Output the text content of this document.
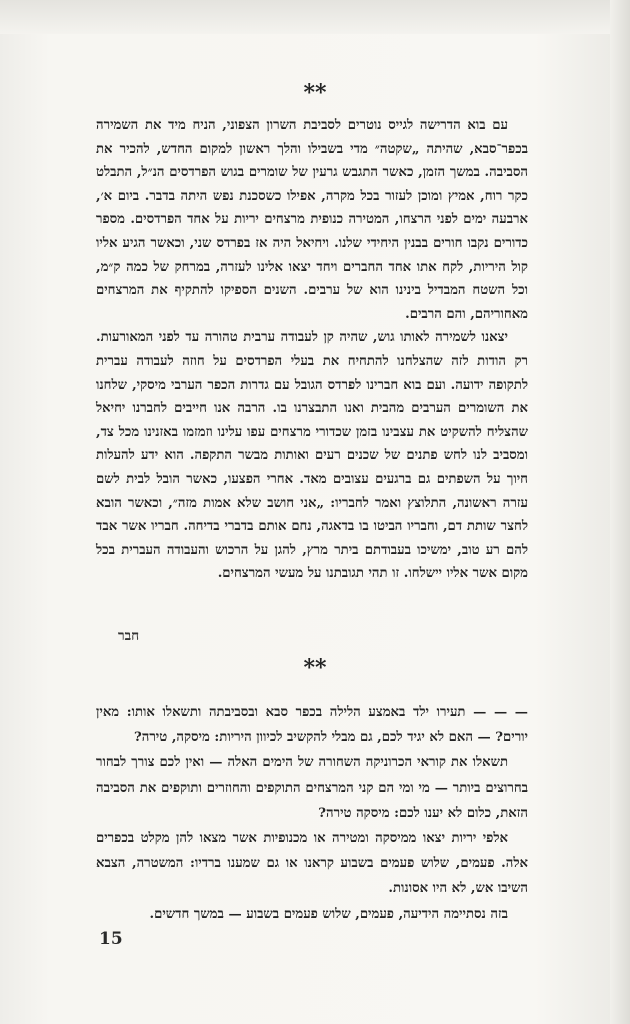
**

עם בוא הדרישה לגייס נוטרים לסביבת השרון הצפוני, הניח מיד את השמירה בכפר־סבא, שהיתה „שקטה״ מדי בשבילו והלך ראשון למקום החדש, להכיר את הסביבה. במשך הזמן, כאשר התגבש גרעין של שומרים בגוש הפרדסים הנ״ל, התבלט כקר רוח, אמיץ ומוכן לעזור בכל מקרה, אפילו כשסכנת נפש היתה בדבר. ביום א׳, ארבעה ימים לפני הרצחו, המטירה כנופית מרצחים יריות על אחד הפרדסים. מספר כדורים נקבו חורים בבנין היחידי שלנו. ויחיאל היה אז בפרדס שני, וכאשר הגיע אליו קול היריות, לקח אתו אחד החברים ויחד יצאו אלינו לעזרה, במרחק של כמה ק״מ, וכל השטח המבדיל בינינו הוא של ערבים. השנים הספיקו להתקיף את המרצחים מאחוריהם, והם הרבים.

יצאנו לשמירה לאותו גוש, שהיה קן לעבודה ערבית טהורה עד לפני המאורעות. רק הודות לזה שהצלחנו להתחיח את בעלי הפרדסים על חוזה לעבודה עברית לתקופה ידועה. ועם בוא חברינו לפרדס הגובל עם גדרות הכפר הערבי מיסקי, שלחנו את השומרים הערבים מהבית ואנו התבצרנו בו. הרבה אנו חייבים לחברנו יחיאל שהצליח להשקיט את עצבינו בזמן שכדורי מרצחים עפו עלינו וזמזמו באזנינו מכל צד, ומסביב לנו לחש פתנים של שכנים רעים ואותות מבשר התקפה. הוא ידע להעלות חיוך על השפתים גם ברגעים עצובים מאד. אחרי הפצעו, כאשר הובל לבית לשם עזרה ראשונה, התלוצץ ואמר לחבריו: „אני חושב שלא אמות מזה״, וכאשר הובא לחצר שותת דם, וחבריו הביטו בו בדאגה, נחם אותם בדברי בדיחה. חבריו אשר אבד להם רע טוב, ימשיכו בעבודתם ביתר מרץ, להגן על הרכוש והעבודה העברית בכל מקום אשר אליו יישלחו. זו תהי תגובתנו על מעשי המרצחים.

חבר
**

— — — תעירו ילד באמצע הלילה בכפר סבא ובסביבתה ותשאלו אותו: מאין יורים? — האם לא יגיד לכם, גם מבלי להקשיב לכיוון היריות: מיסקה, טירה?

תשאלו את קוראי הכרוניקה השחורה של הימים האלה — ואין לכם צורך לבחור בחרוצים ביותר — מי ומי הם קני המרצחים התוקפים והחוזרים ותוקפים את הסביבה הזאת, כלום לא יענו לכם: מיסקה טירה?

אלפי יריות יצאו ממיסקה ומטירה או מכנופיות אשר מצאו להן מקלט בכפרים אלה. פעמים, שלוש פעמים בשבוע קראנו או גם שמענו ברדיו: המשטרה, הצבא השיבו אש, לא היו אסונות.

בזה נסתיימה הידיעה, פעמים, שלוש פעמים בשבוע — במשך חדשים.

15
